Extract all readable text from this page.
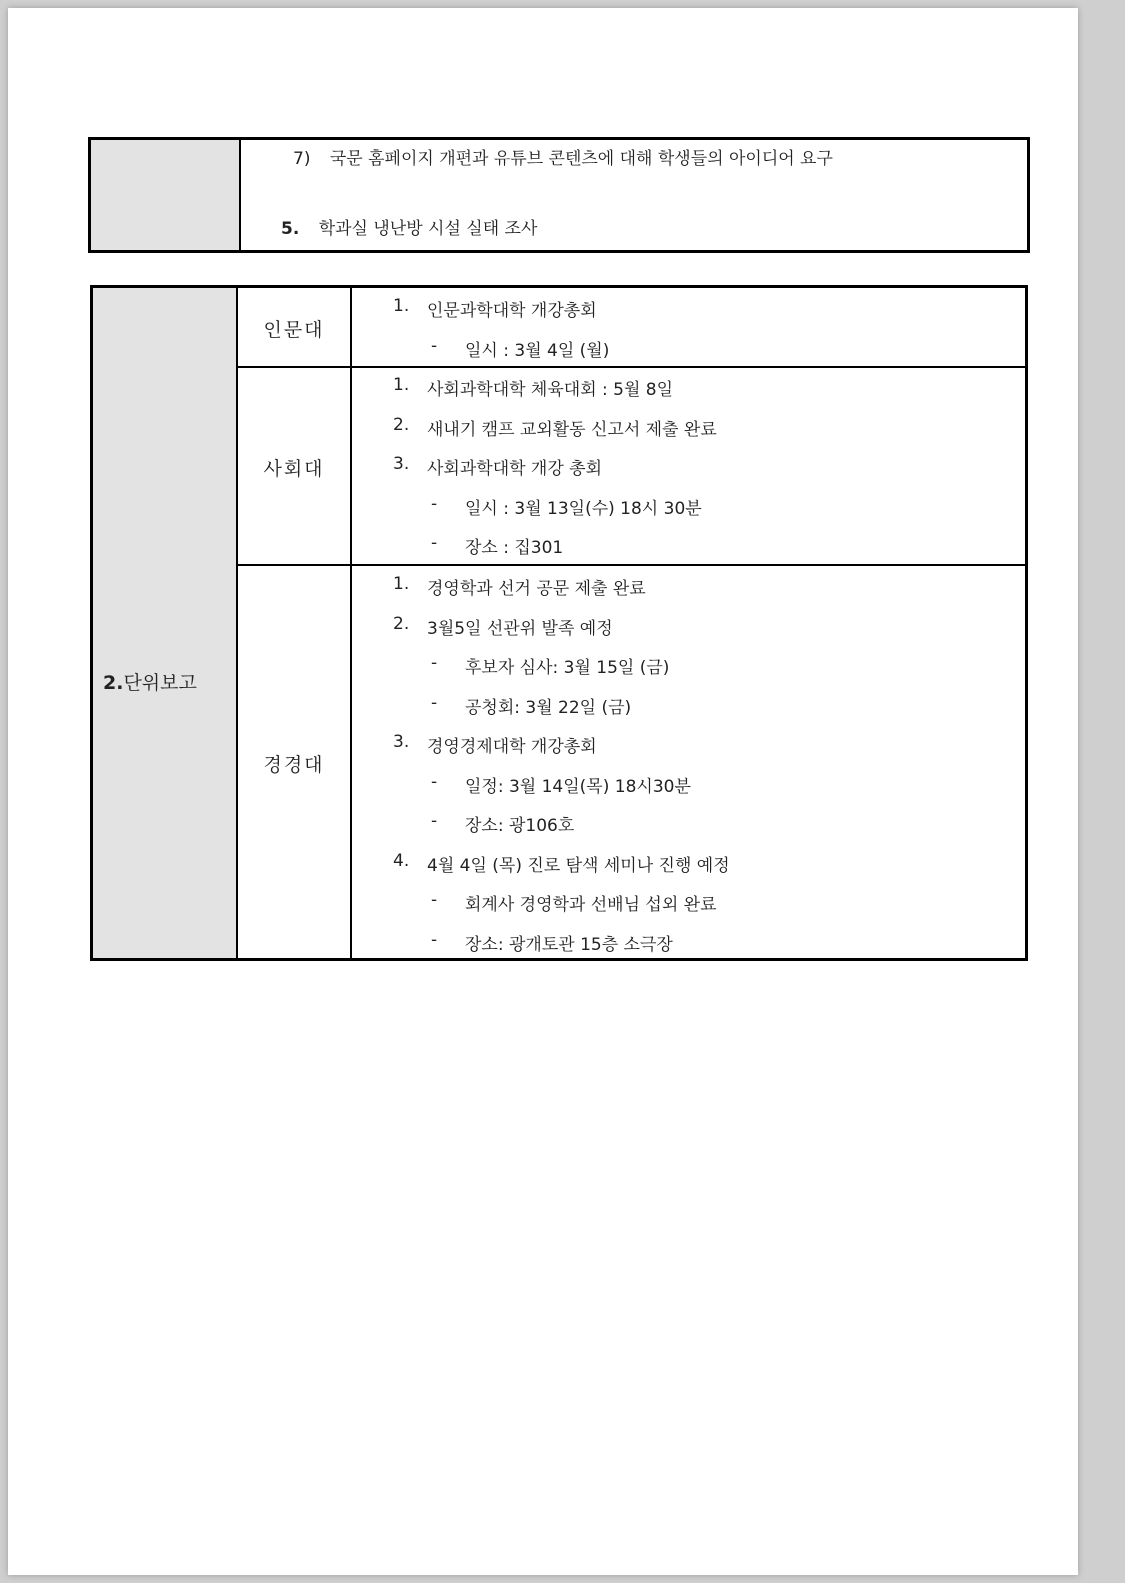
7) 국문 홈페이지 개편과 유튜브 콘텐츠에 대해 학생들의 아이디어 요구
5. 학과실 냉난방 시설 실태 조사
2.단위보고
인문대
사회대
경경대
1. 인문과학대학 개강총회
- 일시 : 3월 4일 (월)
1. 사회과학대학 체육대회 : 5월 8일
2. 새내기 캠프 교외활동 신고서 제출 완료
3. 사회과학대학 개강 총회
- 일시 : 3월 13일(수) 18시 30분
- 장소 : 집301
1. 경영학과 선거 공문 제출 완료
2. 3월5일 선관위 발족 예정
- 후보자 심사: 3월 15일 (금)
- 공청회: 3월 22일 (금)
3. 경영경제대학 개강총회
- 일정: 3월 14일(목) 18시30분
- 장소: 광106호
4. 4월 4일 (목) 진로 탐색 세미나 진행 예정
- 회계사 경영학과 선배님 섭외 완료
- 장소: 광개토관 15층 소극장
